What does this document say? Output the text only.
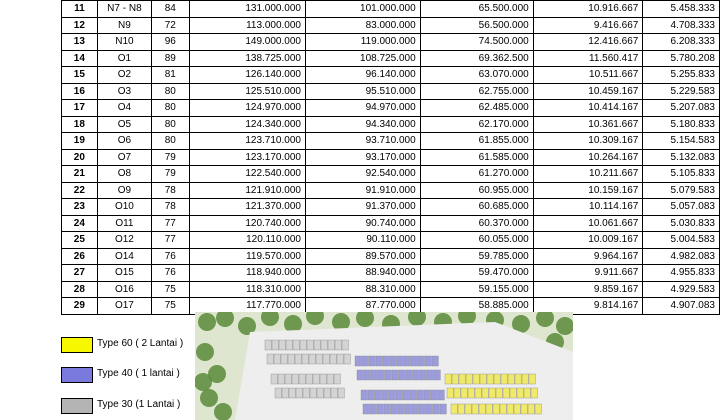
11	N7 - N8	84	131.000.000	101.000.000	65.500.000	10.916.667	5.458.333
12	N9	72	113.000.000	83.000.000	56.500.000	9.416.667	4.708.333
13	N10	96	149.000.000	119.000.000	74.500.000	12.416.667	6.208.333
14	O1	89	138.725.000	108.725.000	69.362.500	11.560.417	5.780.208
15	O2	81	126.140.000	96.140.000	63.070.000	10.511.667	5.255.833
16	O3	80	125.510.000	95.510.000	62.755.000	10.459.167	5.229.583
17	O4	80	124.970.000	94.970.000	62.485.000	10.414.167	5.207.083
18	O5	80	124.340.000	94.340.000	62.170.000	10.361.667	5.180.833
19	O6	80	123.710.000	93.710.000	61.855.000	10.309.167	5.154.583
20	O7	79	123.170.000	93.170.000	61.585.000	10.264.167	5.132.083
21	O8	79	122.540.000	92.540.000	61.270.000	10.211.667	5.105.833
22	O9	78	121.910.000	91.910.000	60.955.000	10.159.167	5.079.583
23	O10	78	121.370.000	91.370.000	60.685.000	10.114.167	5.057.083
24	O11	77	120.740.000	90.740.000	60.370.000	10.061.667	5.030.833
25	O12	77	120.110.000	90.110.000	60.055.000	10.009.167	5.004.583
26	O14	76	119.570.000	89.570.000	59.785.000	9.964.167	4.982.083
27	O15	76	118.940.000	88.940.000	59.470.000	9.911.667	4.955.833
28	O16	75	118.310.000	88.310.000	59.155.000	9.859.167	4.929.583
29	O17	75	117.770.000	87.770.000	58.885.000	9.814.167	4.907.083
Type 60 ( 2 Lantai )
Type 40 ( 1 lantai )
Type 30 (1 Lantai )
